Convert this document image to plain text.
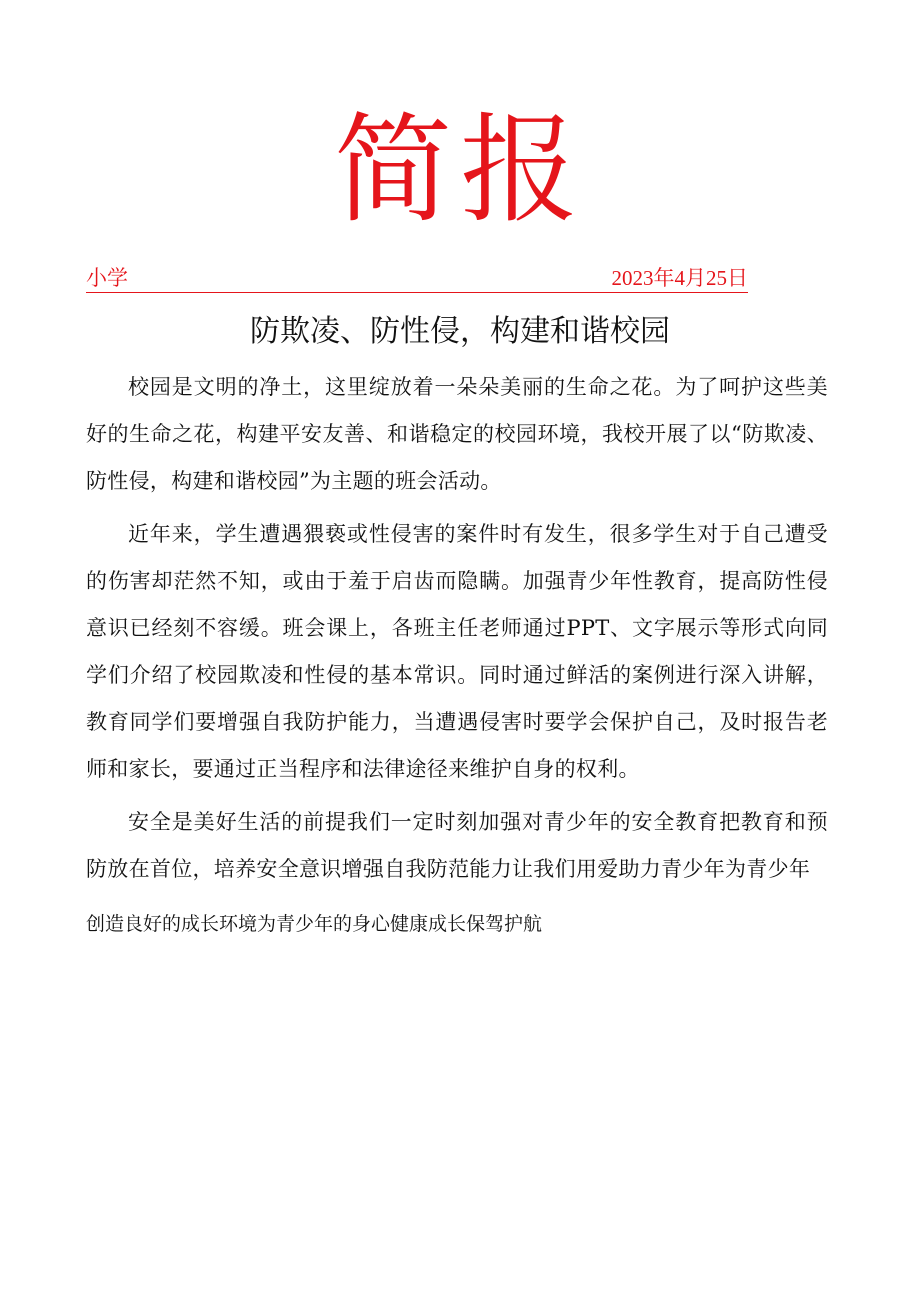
简报
小学	2023年4月25日
防欺凌、防性侵，构建和谐校园

校园是文明的净土，这里绽放着一朵朵美丽的生命之花。为了呵护这些美好的生命之花，构建平安友善、和谐稳定的校园环境，我校开展了以“防欺凌、防性侵，构建和谐校园”为主题的班会活动。

近年来，学生遭遇猥亵或性侵害的案件时有发生，很多学生对于自己遭受的伤害却茫然不知，或由于羞于启齿而隐瞒。加强青少年性教育，提高防性侵意识已经刻不容缓。班会课上，各班主任老师通过PPT、文字展示等形式向同学们介绍了校园欺凌和性侵的基本常识。同时通过鲜活的案例进行深入讲解，教育同学们要增强自我防护能力，当遭遇侵害时要学会保护自己，及时报告老师和家长，要通过正当程序和法律途径来维护自身的权利。

安全是美好生活的前提我们一定时刻加强对青少年的安全教育把教育和预防放在首位，培养安全意识增强自我防范能力让我们用爱助力青少年为青少年

创造良好的成长环境为青少年的身心健康成长保驾护航
